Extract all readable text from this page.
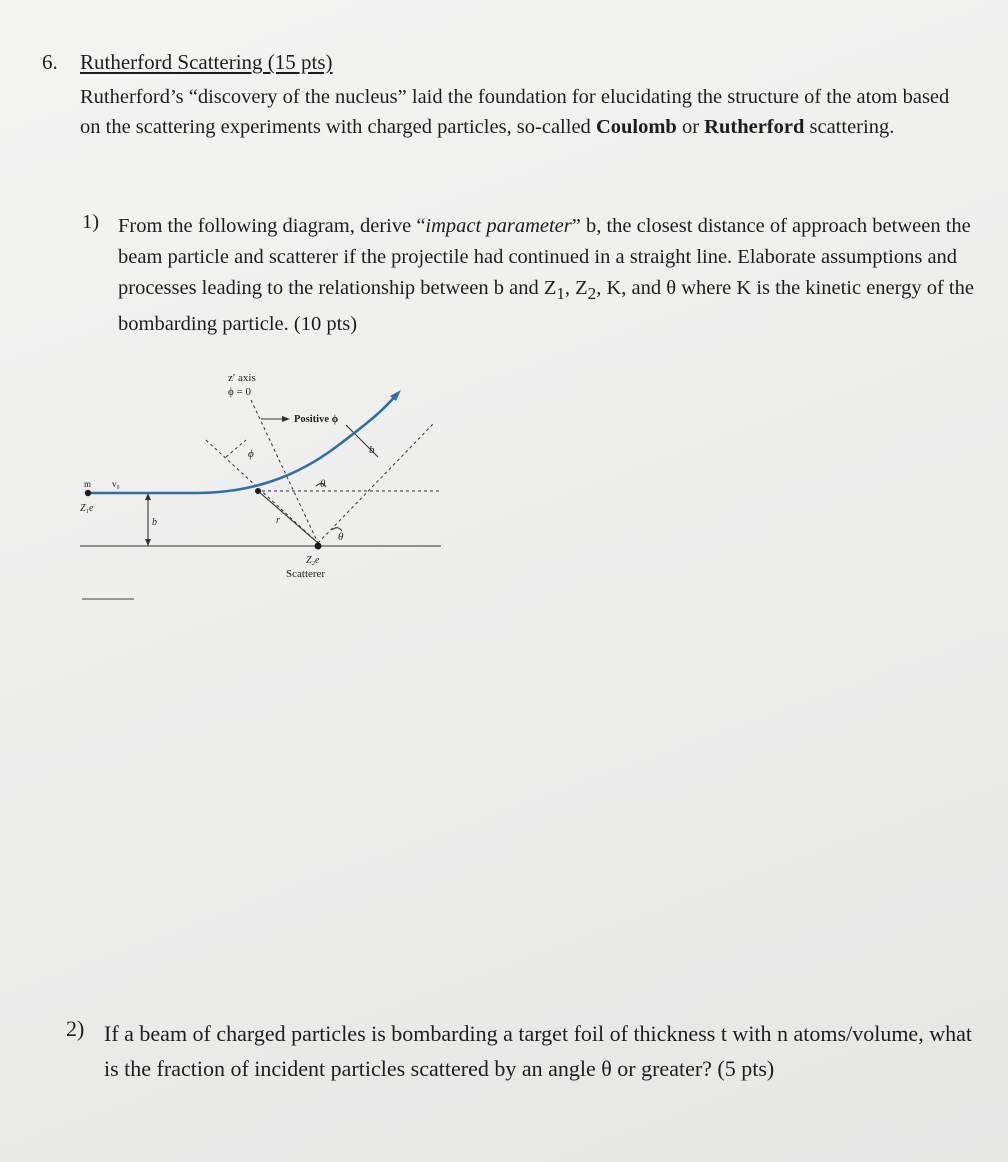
6. Rutherford Scattering (15 pts)
Rutherford’s “discovery of the nucleus” laid the foundation for elucidating the structure of the atom based on the scattering experiments with charged particles, so-called Coulomb or Rutherford scattering.
1) From the following diagram, derive “impact parameter” b, the closest distance of approach between the beam particle and scatterer if the projectile had continued in a straight line. Elaborate assumptions and processes leading to the relationship between b and $Z_1$, $Z_2$, K, and θ where K is the kinetic energy of the bombarding particle. (10 pts)
z′ axis
ϕ = 0
Positive ϕ
ϕ	b
b	r
θ
θ
m v₀
Z₁e
Z₂e
Scatterer
2) If a beam of charged particles is bombarding a target foil of thickness t with n atoms/volume, what is the fraction of incident particles scattered by an angle θ or greater? (5 pts)
